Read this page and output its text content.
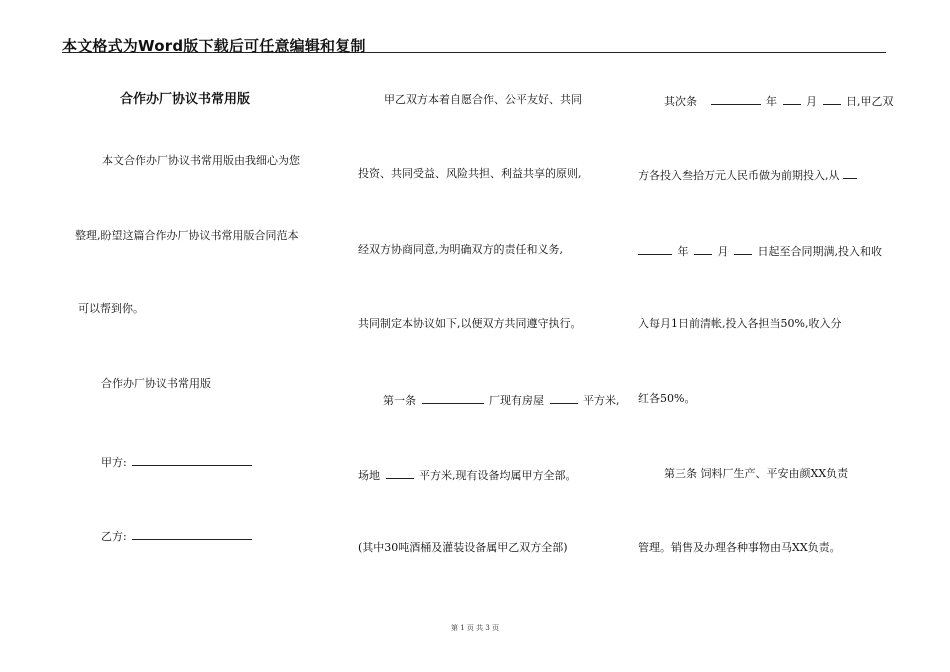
本文格式为Word版下载后可任意编辑和复制
合作办厂协议书常用版
本文合作办厂协议书常用版由我细心为您
整理,盼望这篇合作办厂协议书常用版合同范本
可以帮到你。
合作办厂协议书常用版
甲方:
乙方:
甲乙双方本着自愿合作、公平友好、共同
投资、共同受益、风险共担、利益共享的原则,
经双方协商同意,为明确双方的责任和义务,
共同制定本协议如下,以便双方共同遵守执行。
第一条	厂现有房屋	平方米,
场地	平方米,现有设备均属甲方全部。
(其中30吨酒桶及灌装设备属甲乙双方全部)
其次条	年	月	日,甲乙双
方各投入叁拾万元人民币做为前期投入,从
年	月	日起至合同期满,投入和收
入每月1日前清帐,投入各担当50%,收入分
红各50%。
第三条 饲料厂生产、平安由颜XX负责
管理。销售及办理各种事物由马XX负责。
第 1 页 共 3 页
